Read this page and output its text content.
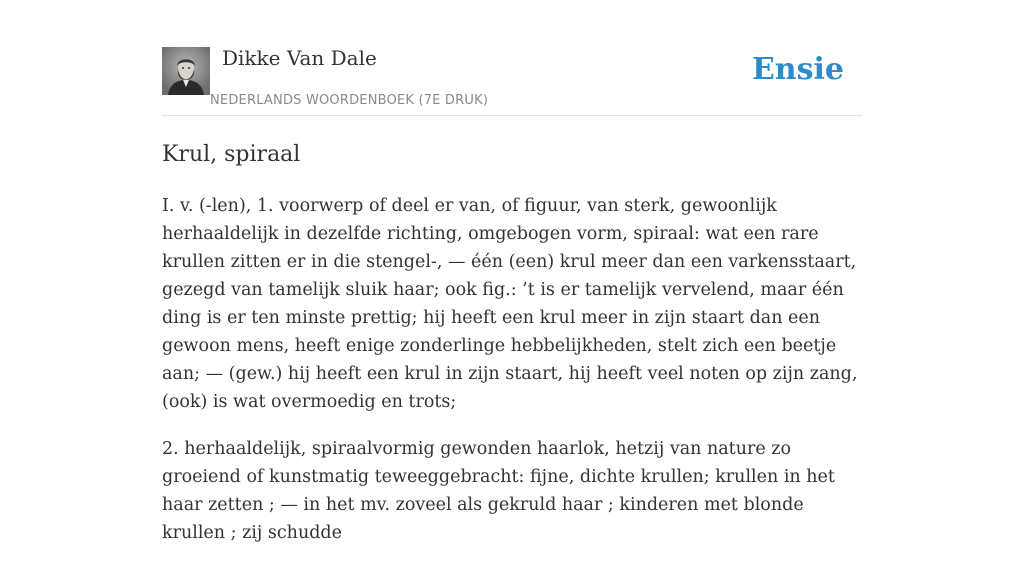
Dikke Van Dale
NEDERLANDS WOORDENBOEK (7E DRUK)
Ensie
Krul, spiraal

I. v. (-len), 1. voorwerp of deel er van, of figuur, van sterk, gewoonlijk herhaaldelijk in dezelfde richting, omgebogen vorm, spiraal: wat een rare krullen zitten er in die stengel-, — één (een) krul meer dan een varkensstaart, gezegd van tamelijk sluik haar; ook fig.: ’t is er tamelijk vervelend, maar één ding is er ten minste prettig; hij heeft een krul meer in zijn staart dan een gewoon mens, heeft enige zonderlinge hebbelijkheden, stelt zich een beetje aan; — (gew.) hij heeft een krul in zijn staart, hij heeft veel noten op zijn zang, (ook) is wat overmoedig en trots;

2. herhaaldelijk, spiraalvormig gewonden haarlok, hetzij van nature zo groeiend of kunstmatig teweeggebracht: fijne, dichte krullen; krullen in het haar zetten ; — in het mv. zoveel als gekruld haar ; kinderen met blonde krullen ; zij schudde
